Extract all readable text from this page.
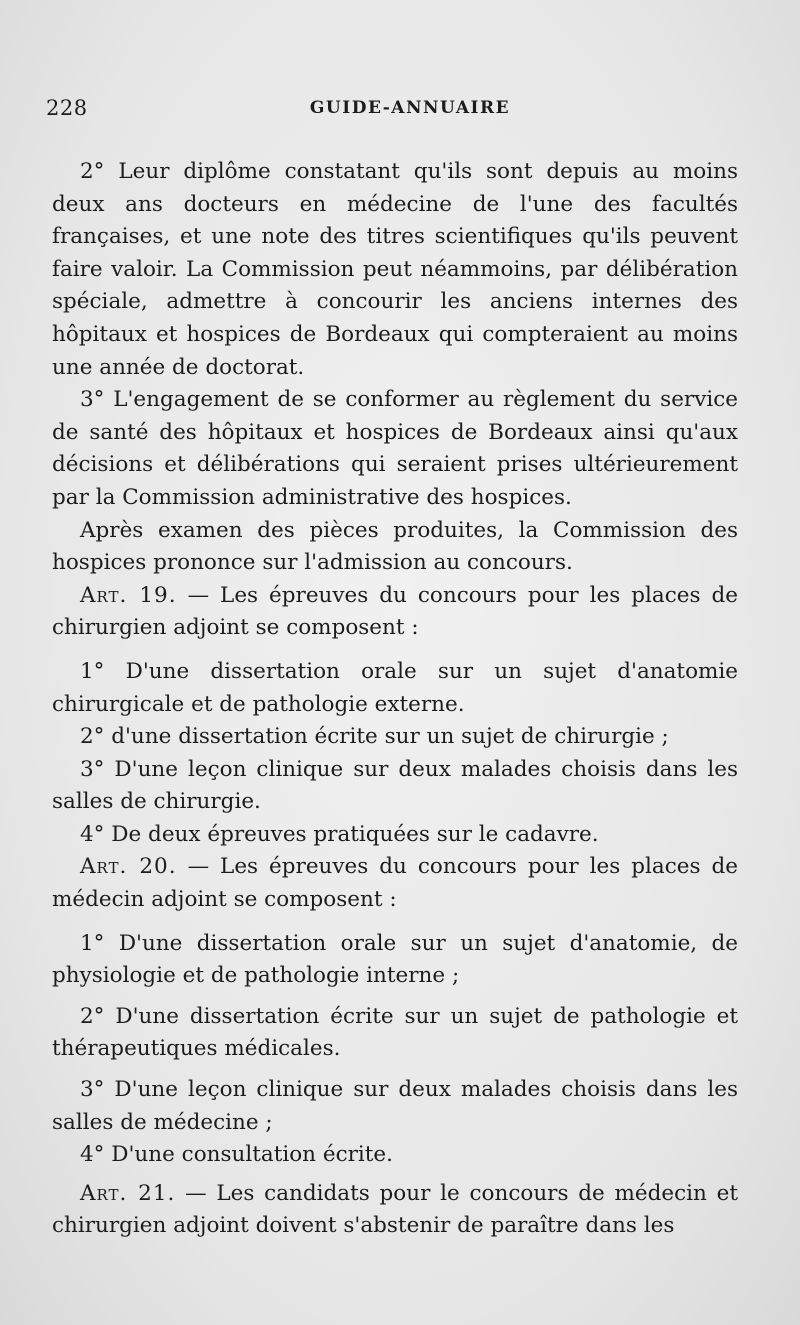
228	GUIDE-ANNUAIRE

2° Leur diplôme constatant qu'ils sont depuis au moins deux ans docteurs en médecine de l'une des facultés françaises, et une note des titres scientifiques qu'ils peuvent faire valoir. La Commission peut néammoins, par délibération spéciale, admettre à concourir les anciens internes des hôpitaux et hospices de Bordeaux qui compteraient au moins une année de doctorat.

3° L'engagement de se conformer au règlement du service de santé des hôpitaux et hospices de Bordeaux ainsi qu'aux décisions et délibérations qui seraient prises ultérieurement par la Commission administrative des hospices.

Après examen des pièces produites, la Commission des hospices prononce sur l'admission au concours.

Art. 19. — Les épreuves du concours pour les places de chirurgien adjoint se composent :

1° D'une dissertation orale sur un sujet d'anatomie chirurgicale et de pathologie externe.

2° d'une dissertation écrite sur un sujet de chirurgie ;

3° D'une leçon clinique sur deux malades choisis dans les salles de chirurgie.

4° De deux épreuves pratiquées sur le cadavre.

Art. 20. — Les épreuves du concours pour les places de médecin adjoint se composent :

1° D'une dissertation orale sur un sujet d'anatomie, de physiologie et de pathologie interne ;

2° D'une dissertation écrite sur un sujet de pathologie et thérapeutiques médicales.

3° D'une leçon clinique sur deux malades choisis dans les salles de médecine ;

4° D'une consultation écrite.

Art. 21. — Les candidats pour le concours de médecin et chirurgien adjoint doivent s'abstenir de paraître dans les
